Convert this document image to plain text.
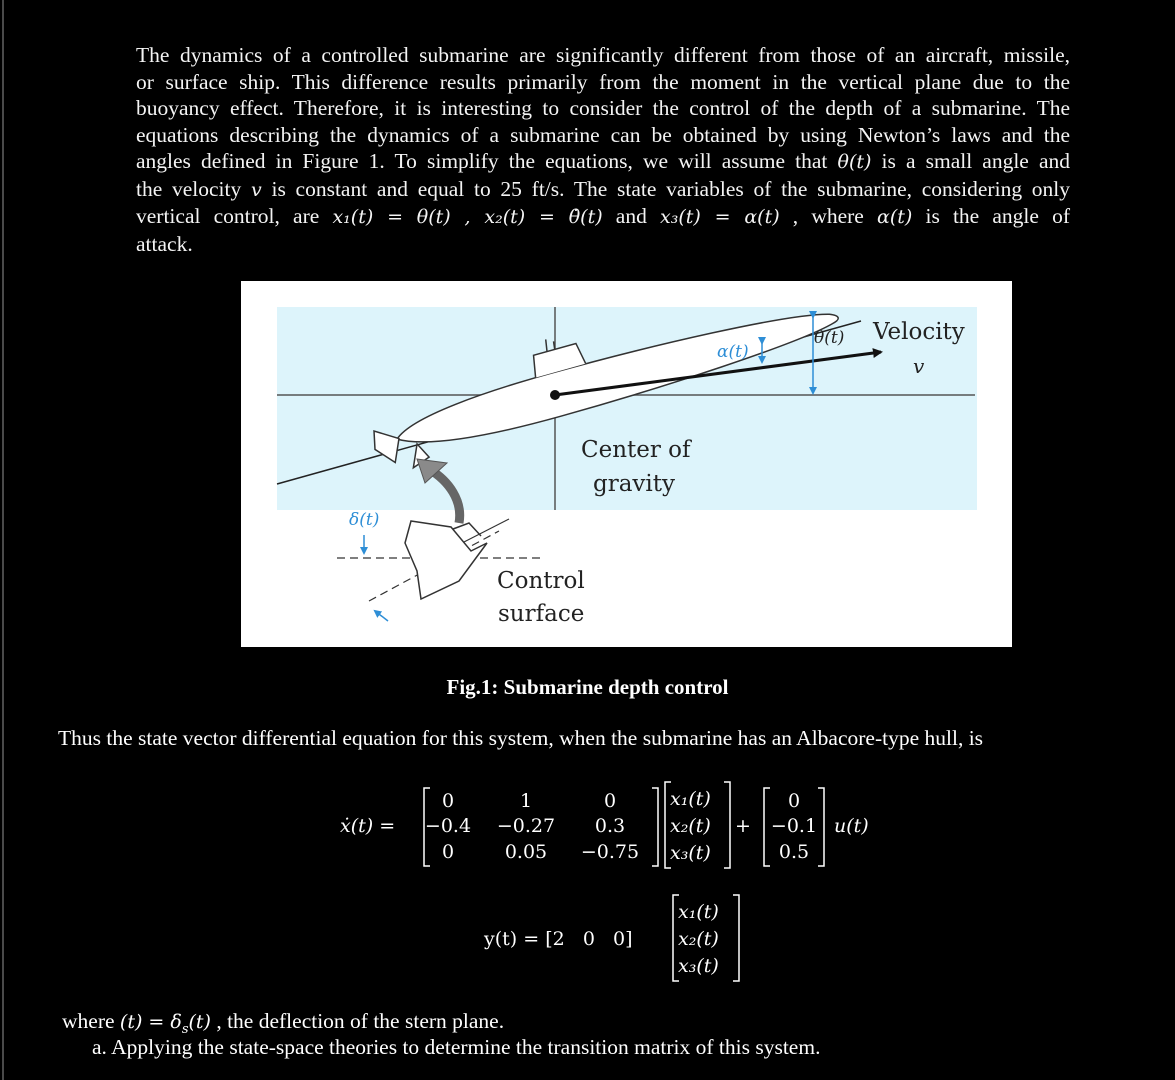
The dynamics of a controlled submarine are significantly different from those of an aircraft, missile,
or surface ship. This difference results primarily from the moment in the vertical plane due to the
buoyancy effect. Therefore, it is interesting to consider the control of the depth of a submarine. The
equations describing the dynamics of a submarine can be obtained by using Newton’s laws and the
angles defined in Figure 1. To simplify the equations, we will assume that θ(t) is a small angle and
the velocity v is constant and equal to 25 ft/s. The state variables of the submarine, considering only
vertical control, are x₁(t) = θ(t) , x₂(t) = θ̇(t) and x₃(t) = α(t) , where α(t) is the angle of
attack.
α(t)
θ(t) Velocity
v
Center of
gravity
δ(t)
Control
surface
Fig.1: Submarine depth control
Thus the state vector differential equation for this system, when the submarine has an Albacore-type hull, is
ẋ(t) =
0	1	0
−0.4 −0.27 0.3
0	0.05 −0.75
x₁(t)
x₂(t)
x₃(t)
+
0
−0.1
0.5
u(t)
y(t) = [2   0   0]
x₁(t)
x₂(t)
x₃(t)
where $(t) = \delta_s(t)$ , the deflection of the stern plane.
a. Applying the state-space theories to determine the transition matrix of this system.
